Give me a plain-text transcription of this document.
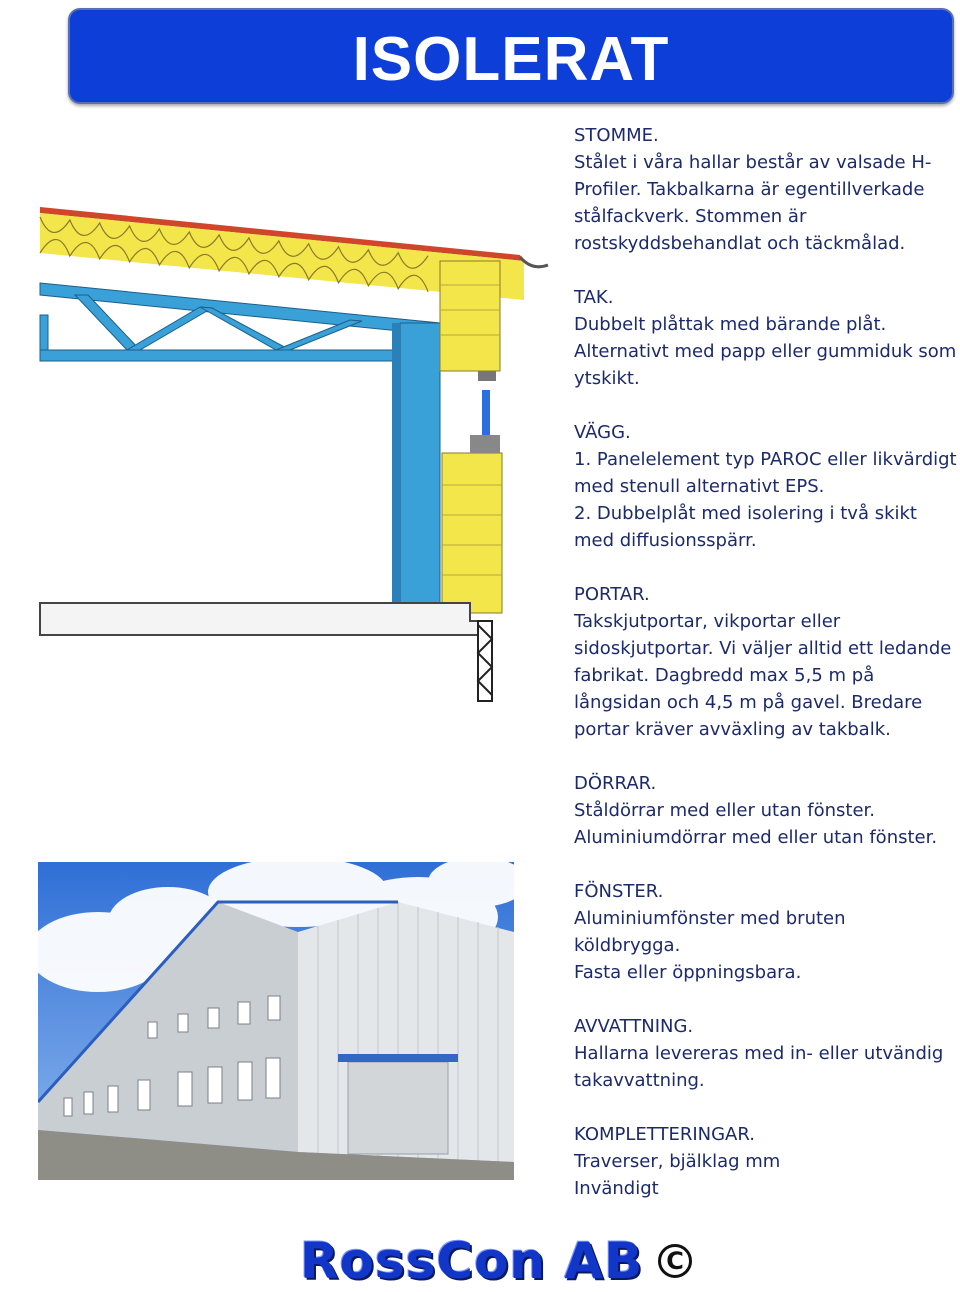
ISOLERAT
STOMME.
Stålet i våra hallar består av valsade H-
Profiler. Takbalkarna är egentillverkade
stålfackverk. Stommen är
rostskyddsbehandlat och täckmålad.
TAK.
Dubbelt plåttak med bärande plåt.
Alternativt med papp eller gummiduk som
ytskikt.
VÄGG.
1. Panelelement typ PAROC eller likvärdigt
med stenull alternativt EPS.
2. Dubbelplåt med isolering i två skikt
med diffusionsspärr.
PORTAR.
Takskjutportar, vikportar eller
sidoskjutportar. Vi väljer alltid ett ledande
fabrikat. Dagbredd max 5,5 m på
långsidan och 4,5 m på gavel. Bredare
portar kräver avväxling av takbalk.
DÖRRAR.
Ståldörrar med eller utan fönster.
Aluminiumdörrar med eller utan fönster.
FÖNSTER.
Aluminiumfönster med bruten
köldbrygga.
Fasta eller öppningsbara.
AVVATTNING.
Hallarna levereras med in- eller utvändig
takavvattning.
KOMPLETTERINGAR.
Traverser, bjälklag mm
Invändigt
RossCon AB C
